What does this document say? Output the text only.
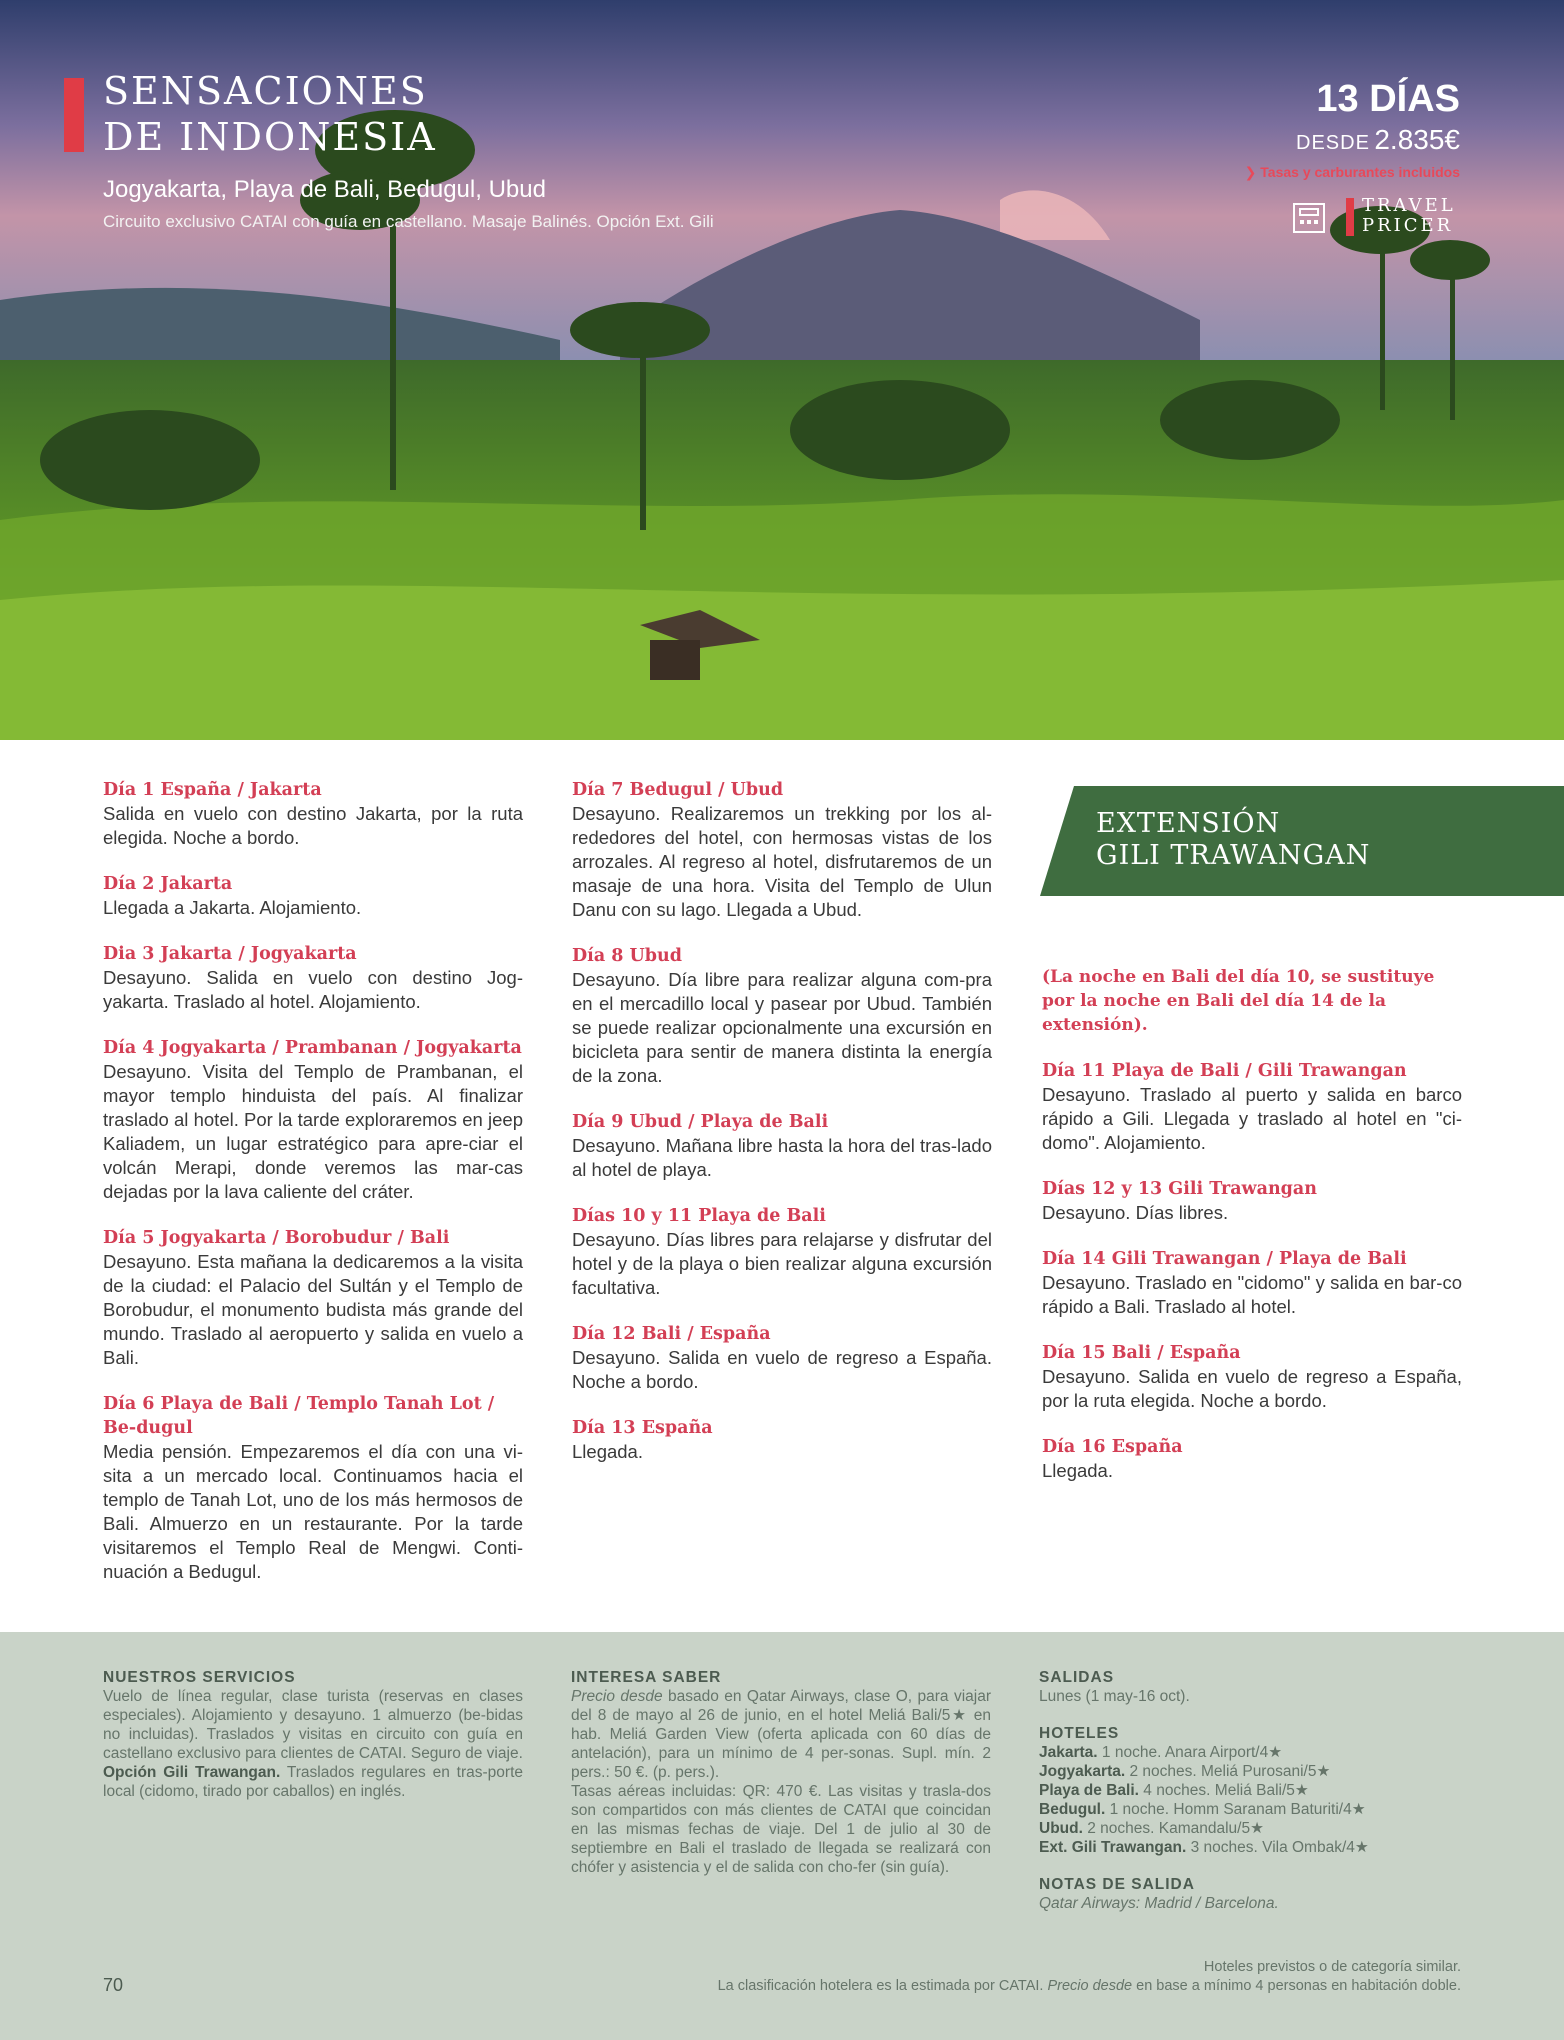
SENSACIONES
DE INDONESIA
Jogyakarta, Playa de Bali, Bedugul, Ubud
Circuito exclusivo CATAI con guía en castellano. Masaje Balinés. Opción Ext. Gili
13 DÍAS
DESDE 2.835€
❯ Tasas y carburantes incluidos
TRAVEL
PRICER
Día 1 España / Jakarta
Salida en vuelo con destino Jakarta, por la ruta elegida. Noche a bordo.
Día 2 Jakarta
Llegada a Jakarta. Alojamiento.
Dia 3 Jakarta / Jogyakarta
Desayuno. Salida en vuelo con destino Jog-yakarta. Traslado al hotel. Alojamiento.
Día 4 Jogyakarta / Prambanan / Jogyakarta
Desayuno. Visita del Templo de Prambanan, el mayor templo hinduista del país. Al finalizar traslado al hotel. Por la tarde exploraremos en jeep Kaliadem, un lugar estratégico para apre-ciar el volcán Merapi, donde veremos las mar-cas dejadas por la lava caliente del cráter.
Día 5 Jogyakarta / Borobudur / Bali
Desayuno. Esta mañana la dedicaremos a la visita de la ciudad: el Palacio del Sultán y el Templo de Borobudur, el monumento budista más grande del mundo. Traslado al aeropuerto y salida en vuelo a Bali.
Día 6 Playa de Bali / Templo Tanah Lot / Be-dugul
Media pensión. Empezaremos el día con una vi-sita a un mercado local. Continuamos hacia el templo de Tanah Lot, uno de los más hermosos de Bali. Almuerzo en un restaurante. Por la tarde visitaremos el Templo Real de Mengwi. Conti-nuación a Bedugul.
Día 7 Bedugul / Ubud
Desayuno. Realizaremos un trekking por los al-rededores del hotel, con hermosas vistas de los arrozales. Al regreso al hotel, disfrutaremos de un masaje de una hora. Visita del Templo de Ulun Danu con su lago. Llegada a Ubud.
Día 8 Ubud
Desayuno. Día libre para realizar alguna com-pra en el mercadillo local y pasear por Ubud. También se puede realizar opcionalmente una excursión en bicicleta para sentir de manera distinta la energía de la zona.
Día 9 Ubud / Playa de Bali
Desayuno. Mañana libre hasta la hora del tras-lado al hotel de playa.
Días 10 y 11 Playa de Bali
Desayuno. Días libres para relajarse y disfrutar del hotel y de la playa o bien realizar alguna excursión facultativa.
Día 12 Bali / España
Desayuno. Salida en vuelo de regreso a España. Noche a bordo.
Día 13 España
Llegada.
EXTENSIÓN
GILI TRAWANGAN
(La noche en Bali del día 10, se sustituye por la noche en Bali del día 14 de la extensión).
Día 11 Playa de Bali / Gili Trawangan
Desayuno. Traslado al puerto y salida en barco rápido a Gili. Llegada y traslado al hotel en "ci-domo". Alojamiento.
Días 12 y 13 Gili Trawangan
Desayuno. Días libres.
Día 14 Gili Trawangan / Playa de Bali
Desayuno. Traslado en "cidomo" y salida en bar-co rápido a Bali. Traslado al hotel.
Día 15 Bali / España
Desayuno. Salida en vuelo de regreso a España, por la ruta elegida. Noche a bordo.
Día 16 España
Llegada.
NUESTROS SERVICIOS
Vuelo de línea regular, clase turista (reservas en clases especiales). Alojamiento y desayuno. 1 almuerzo (be-bidas no incluidas). Traslados y visitas en circuito con guía en castellano exclusivo para clientes de CATAI. Seguro de viaje.
Opción Gili Trawangan. Traslados regulares en tras-porte local (cidomo, tirado por caballos) en inglés.
INTERESA SABER
Precio desde basado en Qatar Airways, clase O, para viajar del 8 de mayo al 26 de junio, en el hotel Meliá Bali/5★ en hab. Meliá Garden View (oferta aplicada con 60 días de antelación), para un mínimo de 4 per-sonas. Supl. mín. 2 pers.: 50 €. (p. pers.).
Tasas aéreas incluidas: QR: 470 €. Las visitas y trasla-dos son compartidos con más clientes de CATAI que coincidan en las mismas fechas de viaje. Del 1 de julio al 30 de septiembre en Bali el traslado de llegada se realizará con chófer y asistencia y el de salida con cho-fer (sin guía).
SALIDAS
Lunes (1 may-16 oct).
HOTELES
Jakarta. 1 noche. Anara Airport/4★
Jogyakarta. 2 noches. Meliá Purosani/5★
Playa de Bali. 4 noches. Meliá Bali/5★
Bedugul. 1 noche. Homm Saranam Baturiti/4★
Ubud. 2 noches. Kamandalu/5★
Ext. Gili Trawangan. 3 noches. Vila Ombak/4★
NOTAS DE SALIDA
Qatar Airways: Madrid / Barcelona.
70
Hoteles previstos o de categoría similar.
La clasificación hotelera es la estimada por CATAI. Precio desde en base a mínimo 4 personas en habitación doble.
